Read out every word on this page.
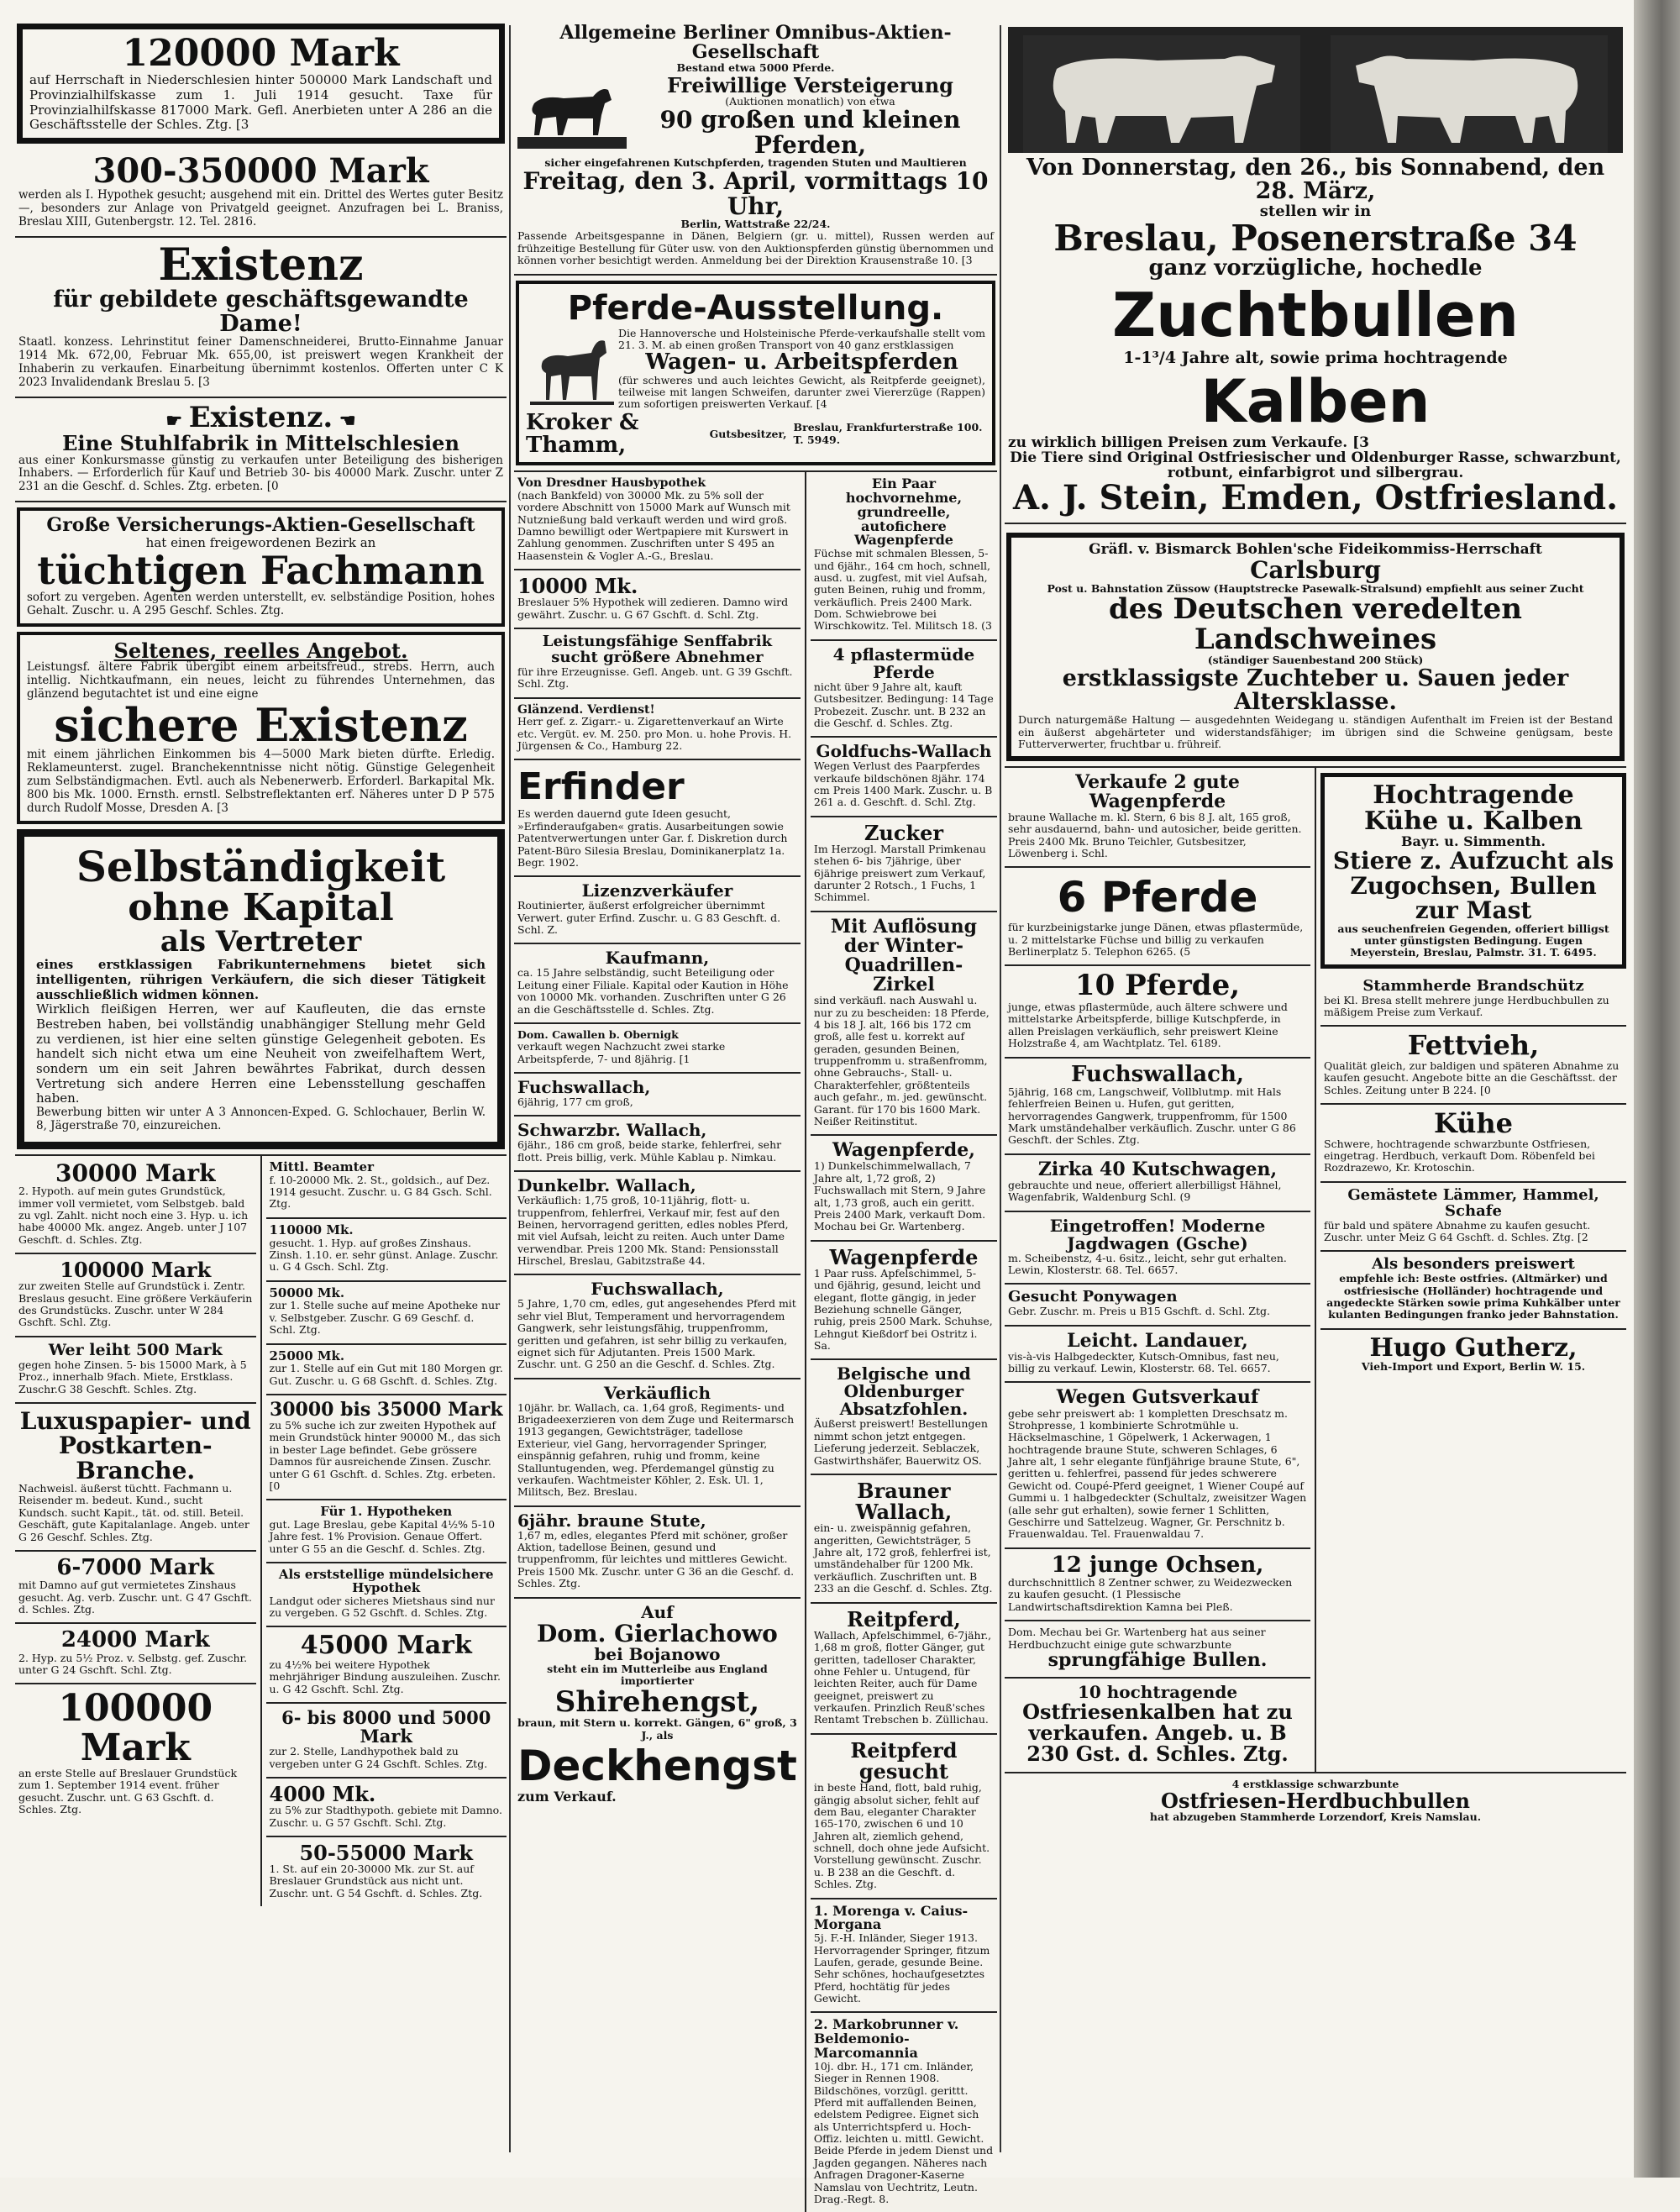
120000 Mark
auf Herrschaft in Niederschlesien hinter 500000 Mark Landschaft und Provinzialhilfskasse zum 1. Juli 1914 gesucht. Taxe für Provinzialhilfskasse 817000 Mark. Gefl. Anerbieten unter A 286 an die Geschäftsstelle der Schles. Ztg. [3
300-350000 Mark
werden als I. Hypothek gesucht; ausgehend mit ein. Drittel des Wertes guter Besitz —, besonders zur Anlage von Privatgeld geeignet. Anzufragen bei L. Braniss, Breslau XIII, Gutenbergstr. 12. Tel. 2816.
Existenz
für gebildete geschäftsgewandte Dame!
Staatl. konzess. Lehrinstitut feiner Damenschneiderei, Brutto-Einnahme Januar 1914 Mk. 672,00, Februar Mk. 655,00, ist preiswert wegen Krankheit der Inhaberin zu verkaufen. Einarbeitung übernimmt kostenlos. Offerten unter C K 2023 Invalidendank Breslau 5. [3
☛ Existenz. ☚
Eine Stuhlfabrik in Mittelschlesien
aus einer Konkursmasse günstig zu verkaufen unter Beteiligung des bisherigen Inhabers. — Erforderlich für Kauf und Betrieb 30- bis 40000 Mark. Zuschr. unter Z 231 an die Geschf. d. Schles. Ztg. erbeten. [0
Große Versicherungs-Aktien-Gesellschaft
hat einen freigewordenen Bezirk an
tüchtigen Fachmann
sofort zu vergeben. Agenten werden unterstellt, ev. selbständige Position, hohes Gehalt. Zuschr. u. A 295 Geschf. Schles. Ztg.
Seltenes, reelles Angebot.
Leistungsf. ältere Fabrik übergibt einem arbeitsfreud., strebs. Herrn, auch intellig. Nichtkaufmann, ein neues, leicht zu führendes Unternehmen, das glänzend begutachtet ist und eine eigne
sichere Existenz
mit einem jährlichen Einkommen bis 4—5000 Mark bieten dürfte. Erledig. Reklameunterst. zugel. Branchekenntnisse nicht nötig. Günstige Gelegenheit zum Selbständigmachen. Evtl. auch als Nebenerwerb. Erforderl. Barkapital Mk. 800 bis Mk. 1000. Ernsth. ernstl. Selbstreflektanten erf. Näheres unter D P 575 durch Rudolf Mosse, Dresden A. [3
Selbständigkeit
ohne Kapital
als Vertreter
eines erstklassigen Fabrikunternehmens bietet sich intelligenten, rührigen Verkäufern, die sich dieser Tätigkeit ausschließlich widmen können.
Wirklich fleißigen Herren, wer auf Kaufleuten, die das ernste Bestreben haben, bei vollständig unabhängiger Stellung mehr Geld zu verdienen, ist hier eine selten günstige Gelegenheit geboten. Es handelt sich nicht etwa um eine Neuheit von zweifelhaftem Wert, sondern um ein seit Jahren bewährtes Fabrikat, durch dessen Vertretung sich andere Herren eine Lebensstellung geschaffen haben.
Bewerbung bitten wir unter A 3 Annoncen-Exped. G. Schlochauer, Berlin W. 8, Jägerstraße 70, einzureichen.
30000 Mark
2. Hypoth. auf mein gutes Grundstück, immer voll vermietet, vom Selbstgeb. bald zu vgl. Zahlt. nicht noch eine 3. Hyp. u. ich habe 40000 Mk. angez. Angeb. unter J 107 Geschft. d. Schles. Ztg.
100000 Mark
zur zweiten Stelle auf Grundstück i. Zentr. Breslaus gesucht. Eine größere Verkäuferin des Grundstücks. Zuschr. unter W 284 Gschft. Schl. Ztg.
Wer leiht 500 Mark
gegen hohe Zinsen. 5- bis 15000 Mark, à 5 Proz., innerhalb 9fach. Miete, Erstklass. Zuschr.G 38 Geschft. Schles. Ztg.
Luxuspapier- und Postkarten-Branche.
Nachweisl. äußerst tüchtt. Fachmann u. Reisender m. bedeut. Kund., sucht Kundsch. sucht Kapit., tät. od. still. Beteil. Geschäft, gute Kapitalanlage. Angeb. unter G 26 Geschf. Schles. Ztg.
6-7000 Mark
mit Damno auf gut vermietetes Zinshaus gesucht. Ag. verb. Zuschr. unt. G 47 Gschft. d. Schles. Ztg.
24000 Mark
2. Hyp. zu 5½ Proz. v. Selbstg. gef. Zuschr. unter G 24 Gschft. Schl. Ztg.
100000 Mark
an erste Stelle auf Breslauer Grundstück zum 1. September 1914 event. früher gesucht. Zuschr. unt. G 63 Gschft. d. Schles. Ztg.
Mittl. Beamter
f. 10-20000 Mk. 2. St., goldsich., auf Dez. 1914 gesucht. Zuschr. u. G 84 Gsch. Schl. Ztg.
110000 Mk.
gesucht. 1. Hyp. auf großes Zinshaus. Zinsh. 1.10. er. sehr günst. Anlage. Zuschr. u. G 4 Gsch. Schl. Ztg.
50000 Mk.
zur 1. Stelle suche auf meine Apotheke nur v. Selbstgeber. Zuschr. G 69 Geschf. d. Schl. Ztg.
25000 Mk.
zur 1. Stelle auf ein Gut mit 180 Morgen gr. Gut. Zuschr. u. G 68 Gschft. d. Schles. Ztg.
30000 bis 35000 Mark
zu 5% suche ich zur zweiten Hypothek auf mein Grundstück hinter 90000 M., das sich in bester Lage befindet. Gebe grössere Damnos für ausreichende Zinsen. Zuschr. unter G 61 Gschft. d. Schles. Ztg. erbeten. [0
Für 1. Hypotheken
gut. Lage Breslau, gebe Kapital 4½% 5-10 Jahre fest. 1% Provision. Genaue Offert. unter G 55 an die Geschf. d. Schles. Ztg.
Als erststellige mündelsichere Hypothek
Landgut oder sicheres Mietshaus sind nur zu vergeben. G 52 Gschft. d. Schles. Ztg.
45000 Mark
zu 4½% bei weitere Hypothek mehrjähriger Bindung auszuleihen. Zuschr. u. G 42 Gschft. Schl. Ztg.
6- bis 8000 und 5000 Mark
zur 2. Stelle, Landhypothek bald zu vergeben unter G 24 Gschft. Schles. Ztg.
4000 Mk.
zu 5% zur Stadthypoth. gebiete mit Damno. Zuschr. u. G 57 Gschft. Schl. Ztg.
50-55000 Mark
1. St. auf ein 20-30000 Mk. zur St. auf Breslauer Grundstück aus nicht unt. Zuschr. unt. G 54 Gschft. d. Schles. Ztg.
Allgemeine Berliner Omnibus-Aktien-Gesellschaft
Bestand etwa 5000 Pferde.
Freiwillige Versteigerung
(Auktionen monatlich) von etwa
90 großen und kleinen Pferden,
sicher eingefahrenen Kutschpferden, tragenden Stuten und Maultieren
Freitag, den 3. April, vormittags 10 Uhr,
Berlin, Wattstraße 22/24.
Passende Arbeitsgespanne in Dänen, Belgiern (gr. u. mittel), Russen werden auf frühzeitige Bestellung für Güter usw. von den Auktionspferden günstig übernommen und können vorher besichtigt werden. Anmeldung bei der Direktion Krausenstraße 10. [3
Pferde-Ausstellung.
Die Hannoversche und Holsteinische Pferde-verkaufshalle stellt vom 21. 3. M. ab einen großen Transport von 40 ganz erstklassigen
Wagen- u. Arbeitspferden
(für schweres und auch leichtes Gewicht, als Reitpferde geeignet), teilweise mit langen Schweifen, darunter zwei Viererzüge (Rappen) zum sofortigen preiswerten Verkauf. [4
Kroker & Thamm,	Gutsbesitzer, Breslau, Frankfurterstraße 100. T. 5949.
Von Dresdner Hausbypothek
(nach Bankfeld) von 30000 Mk. zu 5% soll der vordere Abschnitt von 15000 Mark auf Wunsch mit Nutznießung bald verkauft werden und wird groß. Damno bewilligt oder Wertpapiere mit Kurswert in Zahlung genommen. Zuschriften unter S 495 an Haasenstein & Vogler A.-G., Breslau.
10000 Mk.
Breslauer 5% Hypothek will zedieren. Damno wird gewährt. Zuschr. u. G 67 Gschft. d. Schl. Ztg.
Leistungsfähige Senffabrik sucht größere Abnehmer
für ihre Erzeugnisse. Gefl. Angeb. unt. G 39 Gschft. Schl. Ztg.
Glänzend. Verdienst!
Herr gef. z. Zigarr.- u. Zigarettenverkauf an Wirte etc. Vergüt. ev. M. 250. pro Mon. u. hohe Provis. H. Jürgensen & Co., Hamburg 22.
Erfinder
Es werden dauernd gute Ideen gesucht, »Erfinderaufgaben« gratis. Ausarbeitungen sowie Patentverwertungen unter Gar. f. Diskretion durch Patent-Büro Silesia Breslau, Dominikanerplatz 1a. Begr. 1902.
Lizenzverkäufer
Routinierter, äußerst erfolgreicher übernimmt Verwert. guter Erfind. Zuschr. u. G 83 Geschft. d. Schl. Z.
Kaufmann,
ca. 15 Jahre selbständig, sucht Beteiligung oder Leitung einer Filiale. Kapital oder Kaution in Höhe von 10000 Mk. vorhanden. Zuschriften unter G 26 an die Geschäftsstelle d. Schles. Ztg.
Dom. Cawallen b. Obernigk
verkauft wegen Nachzucht zwei starke Arbeitspferde, 7- und 8jährig. [1
Fuchswallach,
6jährig, 177 cm groß,
Schwarzbr. Wallach,
6jähr., 186 cm groß, beide starke, fehlerfrei, sehr flott. Preis billig, verk. Mühle Kablau p. Nimkau.
Dunkelbr. Wallach,
Verkäuflich: 1,75 groß, 10-11jährig, flott- u. truppenfrom, fehlerfrei, Verkauf mir, fest auf den Beinen, hervorragend geritten, edles nobles Pferd, mit viel Aufsah, leicht zu reiten. Auch unter Dame verwendbar. Preis 1200 Mk. Stand: Pensionsstall Hirschel, Breslau, Gabitzstraße 44.
Fuchswallach,
5 Jahre, 1,70 cm, edles, gut angesehendes Pferd mit sehr viel Blut, Temperament und hervorragendem Gangwerk, sehr leistungsfähig, truppenfromm, geritten und gefahren, ist sehr billig zu verkaufen, eignet sich für Adjutanten. Preis 1500 Mark. Zuschr. unt. G 250 an die Geschf. d. Schles. Ztg.
Verkäuflich
10jähr. br. Wallach, ca. 1,64 groß, Regiments- und Brigadeexerzieren von dem Zuge und Reitermarsch 1913 gegangen, Gewichtsträger, tadellose Exterieur, viel Gang, hervorragender Springer, einspännig gefahren, ruhig und fromm, keine Stalluntugenden, weg. Pferdemangel günstig zu verkaufen. Wachtmeister Köhler, 2. Esk. Ul. 1, Militsch, Bez. Breslau.
6jähr. braune Stute,
1,67 m, edles, elegantes Pferd mit schöner, großer Aktion, tadellose Beinen, gesund und truppenfromm, für leichtes und mittleres Gewicht. Preis 1500 Mk. Zuschr. unter G 36 an die Geschf. d. Schles. Ztg.
Auf
Dom. Gierlachowo
bei Bojanowo
steht ein im Mutterleibe aus England importierter
Shirehengst,
braun, mit Stern u. korrekt. Gängen, 6" groß, 3 J., als
Deckhengst
zum Verkauf.
Ein Paar hochvornehme, grundreelle, autofichere Wagenpferde
Füchse mit schmalen Blessen, 5- und 6jähr., 164 cm hoch, schnell, ausd. u. zugfest, mit viel Aufsah, guten Beinen, ruhig und fromm, verkäuflich. Preis 2400 Mark. Dom. Schwiebrowe bei Wirschkowitz. Tel. Militsch 18. (3
4 pflastermüde Pferde
nicht über 9 Jahre alt, kauft Gutsbesitzer. Bedingung: 14 Tage Probezeit. Zuschr. unt. B 232 an die Geschf. d. Schles. Ztg.
Goldfuchs-Wallach
Wegen Verlust des Paarpferdes verkaufe bildschönen 8jähr. 174 cm Preis 1400 Mark. Zuschr. u. B 261 a. d. Geschft. d. Schl. Ztg.
Zucker
Im Herzogl. Marstall Primkenau stehen 6- bis 7jährige, über 6jährige preiswert zum Verkauf, darunter 2 Rotsch., 1 Fuchs, 1 Schimmel.
Mit Auflösung der Winter-Quadrillen-Zirkel
sind verkäufl. nach Auswahl u. nur zu zu bescheiden: 18 Pferde, 4 bis 18 J. alt, 166 bis 172 cm groß, alle fest u. korrekt auf geraden, gesunden Beinen, truppenfromm u. straßenfromm, ohne Gebrauchs-, Stall- u. Charakterfehler, größtenteils auch gefahr., m. jed. gewünscht. Garant. für 170 bis 1600 Mark. Neißer Reitinstitut.
Wagenpferde,
1) Dunkelschimmelwallach, 7 Jahre alt, 1,72 groß, 2) Fuchswallach mit Stern, 9 Jahre alt, 1,73 groß, auch ein geritt. Preis 2400 Mark, verkauft Dom. Mochau bei Gr. Wartenberg.
Wagenpferde
1 Paar russ. Apfelschimmel, 5- und 6jährig, gesund, leicht und elegant, flotte gängig, in jeder Beziehung schnelle Gänger, ruhig, preis 2500 Mark. Schuhse, Lehngut Kießdorf bei Ostritz i. Sa.
Belgische und Oldenburger Absatzfohlen.
Äußerst preiswert! Bestellungen nimmt schon jetzt entgegen. Lieferung jederzeit. Seblaczek, Gastwirthshäfer, Bauerwitz OS.
Brauner Wallach,
ein- u. zweispännig gefahren, angeritten, Gewichtsträger, 5 Jahre alt, 172 groß, fehlerfrei ist, umständehalber für 1200 Mk. verkäuflich. Zuschriften unt. B 233 an die Geschf. d. Schles. Ztg.
Reitpferd,
Wallach, Apfelschimmel, 6-7jähr., 1,68 m groß, flotter Gänger, gut geritten, tadelloser Charakter, ohne Fehler u. Untugend, für leichten Reiter, auch für Dame geeignet, preiswert zu verkaufen. Prinzlich Reuß'sches Rentamt Trebschen b. Züllichau.
Reitpferd gesucht
in beste Hand, flott, bald ruhig, gängig absolut sicher, fehlt auf dem Bau, eleganter Charakter 165-170, zwischen 6 und 10 Jahren alt, ziemlich gehend, schnell, doch ohne jede Aufsicht. Vorstellung gewünscht. Zuschr. u. B 238 an die Geschft. d. Schles. Ztg.
1. Morenga v. Caius-Morgana
5j. F.-H. Inländer, Sieger 1913. Hervorragender Springer, fitzum Laufen, gerade, gesunde Beine. Sehr schönes, hochaufgesetztes Pferd, hochtätig für jedes Gewicht.
2. Markobrunner v. Beldemonio-Marcomannia
10j. dbr. H., 171 cm. Inländer, Sieger in Rennen 1908. Bildschönes, vorzügl. gerittt. Pferd mit auffallenden Beinen, edelstem Pedigree. Eignet sich als Unterrichtspferd u. Hoch-Offiz. leichten u. mittl. Gewicht. Beide Pferde in jedem Dienst und Jagden gegangen. Näheres nach Anfragen Dragoner-Kaserne Namslau von Uechtritz, Leutn. Drag.-Regt. 8.
Von Donnerstag, den 26., bis Sonnabend, den 28. März,
stellen wir in
Breslau, Posenerstraße 34
ganz vorzügliche, hochedle
Zuchtbullen
1-1³/4 Jahre alt, sowie prima hochtragende
Kalben
zu wirklich billigen Preisen zum Verkaufe. [3
Die Tiere sind Original Ostfriesischer und Oldenburger Rasse, schwarzbunt, rotbunt, einfarbigrot und silbergrau.
A. J. Stein, Emden, Ostfriesland.
Gräfl. v. Bismarck Bohlen'sche Fideikommiss-Herrschaft
Carlsburg
Post u. Bahnstation Züssow (Hauptstrecke Pasewalk-Stralsund) empfiehlt aus seiner Zucht
des Deutschen veredelten Landschweines
(ständiger Sauenbestand 200 Stück)
erstklassigste Zuchteber u. Sauen jeder Altersklasse.
Durch naturgemäße Haltung — ausgedehnten Weidegang u. ständigen Aufenthalt im Freien ist der Bestand ein äußerst abgehärteter und widerstandsfähiger; im übrigen sind die Schweine genügsam, beste Futterverwerter, fruchtbar u. frühreif.
Verkaufe 2 gute Wagenpferde
braune Wallache m. kl. Stern, 6 bis 8 J. alt, 165 groß, sehr ausdauernd, bahn- und autosicher, beide geritten. Preis 2400 Mk. Bruno Teichler, Gutsbesitzer, Löwenberg i. Schl.
6 Pferde
für kurzbeinigstarke junge Dänen, etwas pflastermüde, u. 2 mittelstarke Füchse und billig zu verkaufen Berlinerplatz 5. Telephon 6265. (5
10 Pferde,
junge, etwas pflastermüde, auch ältere schwere und mittelstarke Arbeitspferde, billige Kutschpferde, in allen Preislagen verkäuflich, sehr preiswert Kleine Holzstraße 4, am Wachtplatz. Tel. 6189.
Fuchswallach,
5jährig, 168 cm, Langschweif, Vollblutmp. mit Hals fehlerfreien Beinen u. Hufen, gut geritten, hervorragendes Gangwerk, truppenfromm, für 1500 Mark umständehalber verkäuflich. Zuschr. unter G 86 Geschft. der Schles. Ztg.
Zirka 40 Kutschwagen,
gebrauchte und neue, offeriert allerbilligst Hähnel, Wagenfabrik, Waldenburg Schl. (9
Eingetroffen! Moderne Jagdwagen (Gsche)
m. Scheibenstz, 4-u. 6sitz., leicht, sehr gut erhalten. Lewin, Klosterstr. 68. Tel. 6657.
Gesucht Ponywagen
Gebr. Zuschr. m. Preis u B15 Gschft. d. Schl. Ztg.
Leicht. Landauer,
vis-à-vis Halbgedeckter, Kutsch-Omnibus, fast neu, billig zu verkauf. Lewin, Klosterstr. 68. Tel. 6657.
Wegen Gutsverkauf
gebe sehr preiswert ab: 1 kompletten Dreschsatz m. Strohpresse, 1 kombinierte Schrotmühle u. Häckselmaschine, 1 Göpelwerk, 1 Ackerwagen, 1 hochtragende braune Stute, schweren Schlages, 6 Jahre alt, 1 sehr elegante fünfjährige braune Stute, 6", geritten u. fehlerfrei, passend für jedes schwerere Gewicht od. Coupé-Pferd geeignet, 1 Wiener Coupé auf Gummi u. 1 halbgedeckter (Schultalz, zweisitzer Wagen (alle sehr gut erhalten), sowie ferner 1 Schlitten, Geschirre und Sattelzeug. Wagner, Gr. Perschnitz b. Frauenwaldau. Tel. Frauenwaldau 7.
12 junge Ochsen,
durchschnittlich 8 Zentner schwer, zu Weidezwecken zu kaufen gesucht. (1 Plessische Landwirtschaftsdirektion Kamna bei Pleß.
Dom. Mechau bei Gr. Wartenberg hat aus seiner Herdbuchzucht einige gute schwarzbunte
sprungfähige Bullen.
10 hochtragende
Ostfriesenkalben hat zu verkaufen. Angeb. u. B 230 Gst. d. Schles. Ztg.
Hochtragende Kühe u. Kalben
Bayr. u. Simmenth.
Stiere z. Aufzucht als Zugochsen, Bullen zur Mast
aus seuchenfreien Gegenden, offeriert billigst unter günstigsten Bedingung. Eugen Meyerstein, Breslau, Palmstr. 31. T. 6495.
Stammherde Brandschütz
bei Kl. Bresa stellt mehrere junge Herdbuchbullen zu mäßigem Preise zum Verkauf.
Fettvieh,
Qualität gleich, zur baldigen und späteren Abnahme zu kaufen gesucht. Angebote bitte an die Geschäftsst. der Schles. Zeitung unter B 224. [0
Kühe
Schwere, hochtragende schwarzbunte Ostfriesen, eingetrag. Herdbuch, verkauft Dom. Röbenfeld bei Rozdrazewo, Kr. Krotoschin.
Gemästete Lämmer, Hammel, Schafe
für bald und spätere Abnahme zu kaufen gesucht. Zuschr. unter Meiz G 64 Gschft. d. Schles. Ztg. [2
Als besonders preiswert
empfehle ich: Beste ostfries. (Altmärker) und ostfriesische (Holländer) hochtragende und angedeckte Stärken sowie prima Kuhkälber unter kulanten Bedingungen franko jeder Bahnstation.
Hugo Gutherz,
Vieh-Import und Export, Berlin W. 15.
4 erstklassige schwarzbunte
Ostfriesen-Herdbuchbullen
hat abzugeben Stammherde Lorzendorf, Kreis Namslau.
